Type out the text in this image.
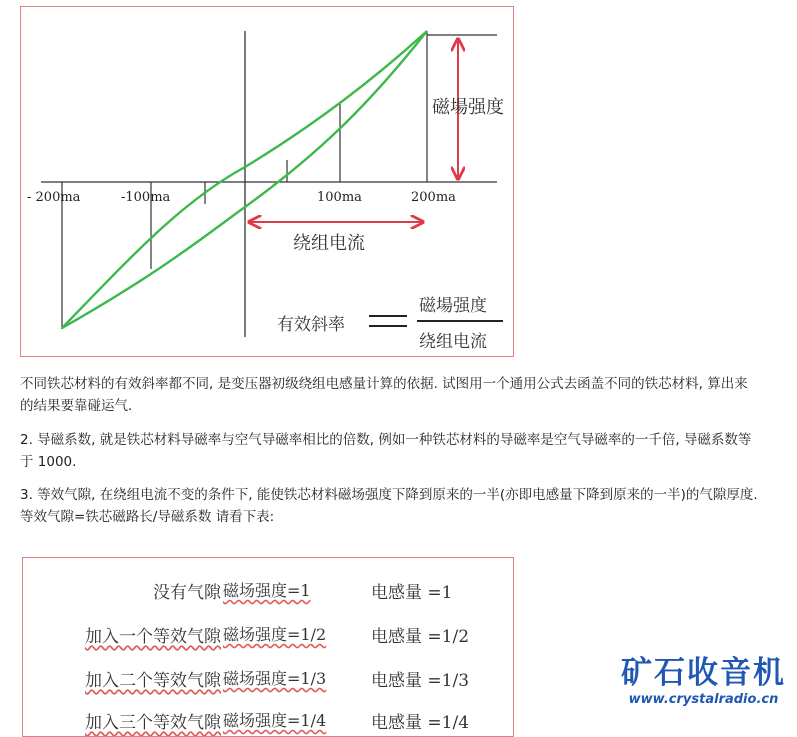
- 200ma	-100ma	100ma	200ma
磁場强度
绕组电流
有效斜率
磁場强度
绕组电流

不同铁芯材料的有效斜率都不同, 是变压器初级绕组电感量计算的依据. 试图用一个通用公式去函盖不同的铁芯材料, 算出来的结果要靠碰运气.

2. 导磁系数, 就是铁芯材料导磁率与空气导磁率相比的倍数, 例如一种铁芯材料的导磁率是空气导磁率的一千倍, 导磁系数等于 1000.

3. 等效气隙, 在绕组电流不变的条件下, 能使铁芯材料磁场强度下降到原来的一半(亦即电感量下降到原来的一半)的气隙厚度.

等效气隙=铁芯磁路长/导磁系数 请看下表:

没有气隙 磁场强度=1	电感量 =1
加入一个等效气隙 磁场强度=1/2	电感量 =1/2
加入二个等效气隙 磁场强度=1/3	电感量 =1/3
加入三个等效气隙 磁场强度=1/4	电感量 =1/4
矿石收音机
www.crystalradio.cn
